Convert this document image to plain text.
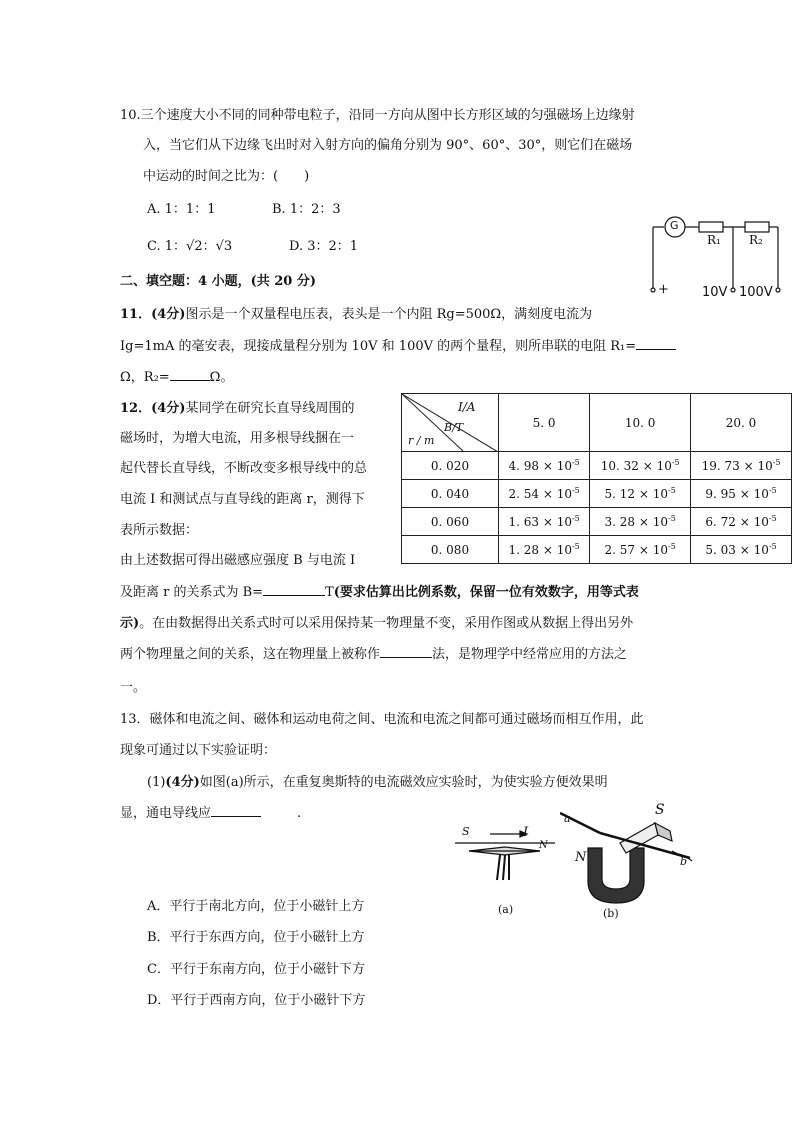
10.三个速度大小不同的同种带电粒子，沿同一方向从图中长方形区域的匀强磁场上边缘射
入，当它们从下边缘飞出时对入射方向的偏角分别为 90°、60°、30°，则它们在磁场
中运动的时间之比为：(　　)
A. 1：1：1	B. 1：2：3
C. 1：√2：√3	D. 3：2：1
G
R₁ R₂
+	10V 100V
二、填空题：4 小题，(共 20 分)
11．(4分)图示是一个双量程电压表，表头是一个内阻 Rg=500Ω，满刻度电流为
Ig=1mA 的毫安表，现接成量程分别为 10V 和 100V 的两个量程，则所串联的电阻 R₁=
Ω，R₂=	Ω。
12．(4分)某同学在研究长直导线周围的
磁场时，为增大电流，用多根导线捆在一
起代替长直导线，不断改变多根导线中的总
电流 I 和测试点与直导线的距离 r，测得下
表所示数据：
由上述数据可得出磁感应强度 B 与电流 I
及距离 r 的关系式为 B=	T(要求估算出比例系数，保留一位有效数字，用等式表
示)。在由数据得出关系式时可以采用保持某一物理量不变，采用作图或从数据上得出另外
两个物理量之间的关系，这在物理量上被称作	法，是物理学中经常应用的方法之
一。
I/A
B/T
r / m	5. 0	10. 0	20. 0
0. 020	4. $98 \times 10^{-5}$	10. $32 \times 10^{-5}$	19. $73 \times 10^{-5}$
0. 040	2. $54 \times 10^{-5}$	5. $12 \times 10^{-5}$	9. $95 \times 10^{-5}$
0. 060	1. $63 \times 10^{-5}$	3. $28 \times 10^{-5}$	6. $72 \times 10^{-5}$
0. 080	1. $28 \times 10^{-5}$	2. $57 \times 10^{-5}$	5. $03 \times 10^{-5}$
13．磁体和电流之间、磁体和运动电荷之间、电流和电流之间都可通过磁场而相互作用，此
现象可通过以下实验证明：
(1)(4分)如图(a)所示，在重复奥斯特的电流磁效应实验时，为使实验方便效果明
显，通电导线应	.
A．平行于南北方向，位于小磁针上方
B．平行于东西方向，位于小磁针上方
C．平行于东南方向，位于小磁针下方
D．平行于西南方向，位于小磁针下方
I
S
N
(a)
a
S
N	b
(b)
